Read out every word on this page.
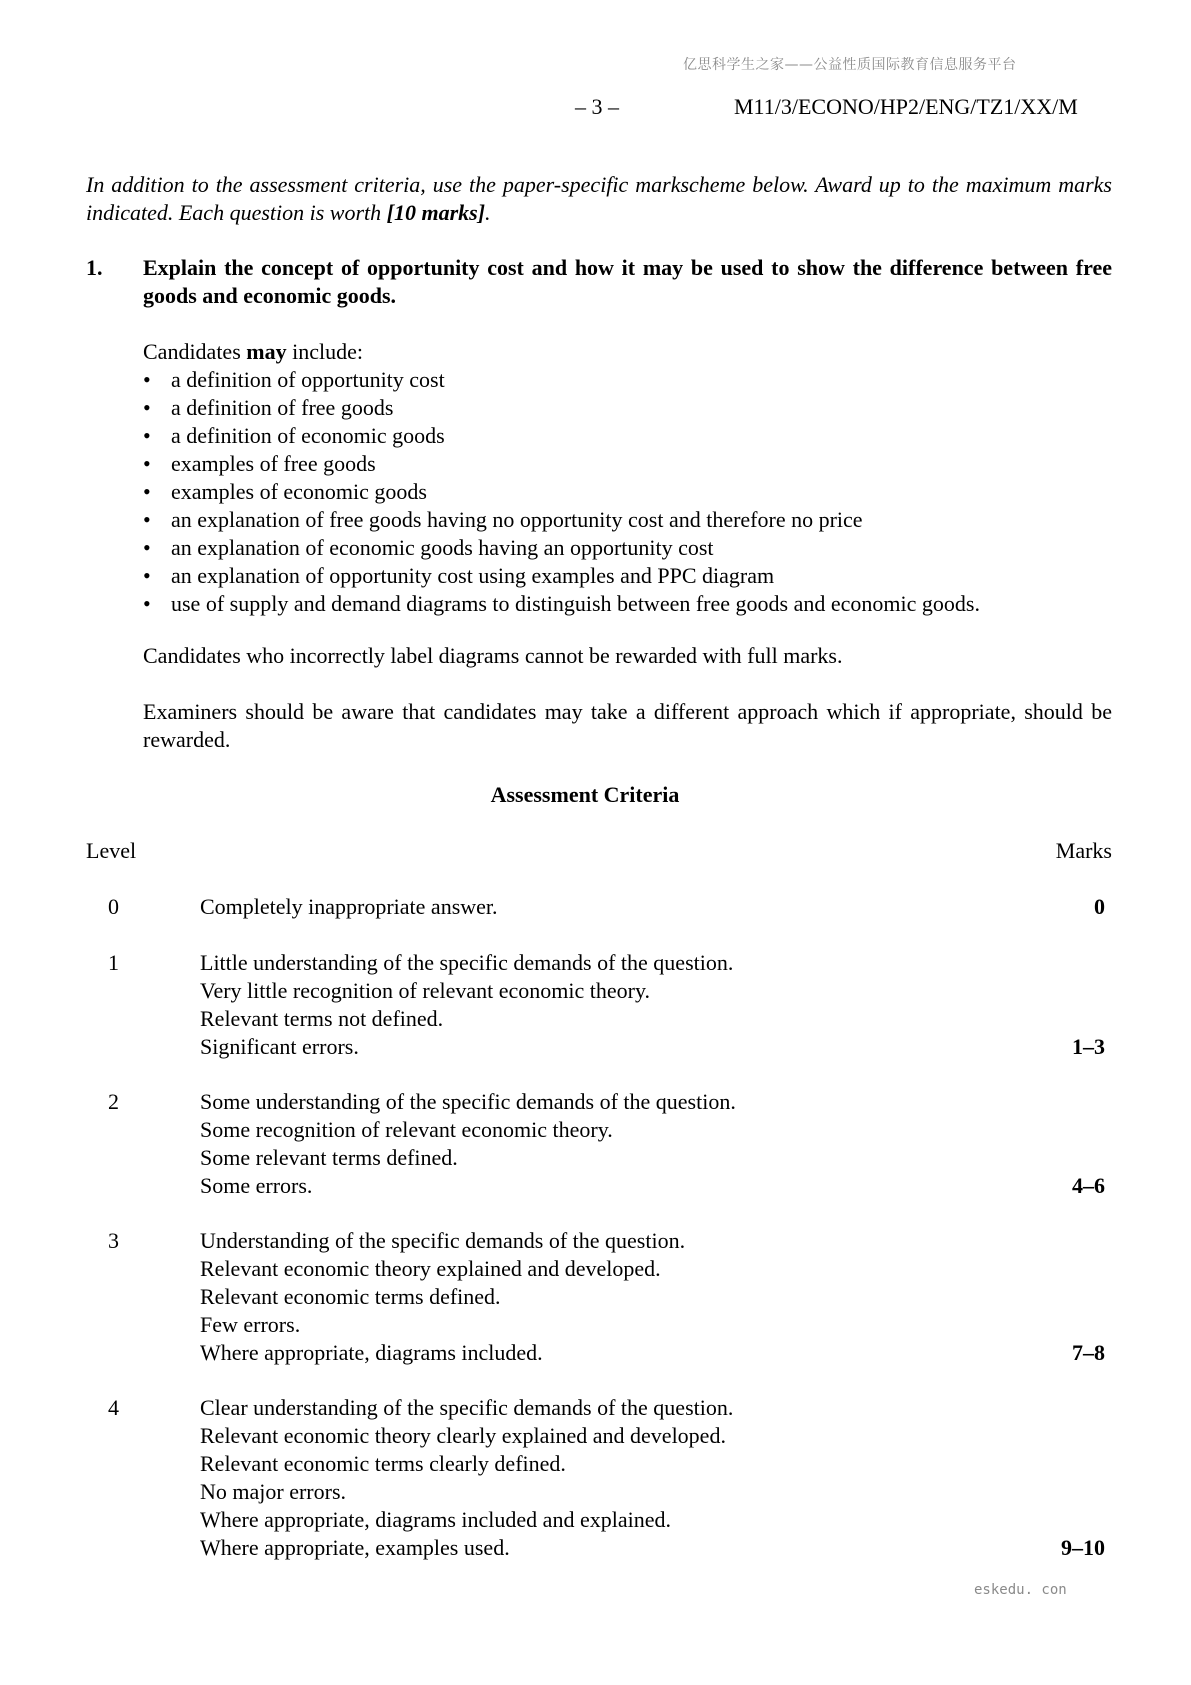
亿思科学生之家——公益性质国际教育信息服务平台
– 3 –	M11/3/ECONO/HP2/ENG/TZ1/XX/M
In addition to the assessment criteria, use the paper-specific markscheme below. Award up to the maximum marks indicated. Each question is worth [10 marks].
1. Explain the concept of opportunity cost and how it may be used to show the difference between free goods and economic goods.
Candidates may include:
• a definition of opportunity cost
• a definition of free goods
• a definition of economic goods
• examples of free goods
• examples of economic goods
• an explanation of free goods having no opportunity cost and therefore no price
• an explanation of economic goods having an opportunity cost
• an explanation of opportunity cost using examples and PPC diagram
• use of supply and demand diagrams to distinguish between free goods and economic goods.
Candidates who incorrectly label diagrams cannot be rewarded with full marks.
Examiners should be aware that candidates may take a different approach which if appropriate, should be rewarded.
Assessment Criteria
Level	Marks
0	Completely inappropriate answer.	0
1	Little understanding of the specific demands of the question.
Very little recognition of relevant economic theory.
Relevant terms not defined.
Significant errors.	1–3
2	Some understanding of the specific demands of the question.
Some recognition of relevant economic theory.
Some relevant terms defined.
Some errors.	4–6
3	Understanding of the specific demands of the question.
Relevant economic theory explained and developed.
Relevant economic terms defined.
Few errors.
Where appropriate, diagrams included.	7–8
4	Clear understanding of the specific demands of the question.
Relevant economic theory clearly explained and developed.
Relevant economic terms clearly defined.
No major errors.
Where appropriate, diagrams included and explained.
Where appropriate, examples used.	9–10
eskedu. con
